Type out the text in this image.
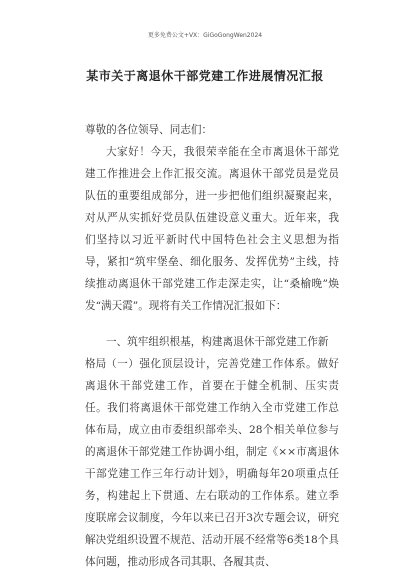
更多免费公文+VX：GiGoGongWen2024
某市关于离退休干部党建工作进展情况汇报

尊敬的各位领导、同志们：

大家好！今天，我很荣幸能在全市离退休干部党建工作推进会上作汇报交流。离退休干部党员是党员队伍的重要组成部分，进一步把他们组织凝聚起来，对从严从实抓好党员队伍建设意义重大。近年来，我们坚持以习近平新时代中国特色社会主义思想为指导，紧扣“筑牢堡垒、细化服务、发挥优势”主线，持续推动离退休干部党建工作走深走实，让“桑榆晚”焕发“满天霞”。现将有关工作情况汇报如下：

一、筑牢组织根基，构建离退休干部党建工作新格局 （一）强化顶层设计，完善党建工作体系。做好离退休干部党建工作，首要在于健全机制、压实责任。我们将离退休干部党建工作纳入全市党建工作总体布局，成立由市委组织部牵头、28个相关单位参与的离退休干部党建工作协调小组，制定《××市离退休干部党建工作三年行动计划》，明确每年20项重点任务，构建起上下贯通、左右联动的工作体系。建立季度联席会议制度，今年以来已召开3次专题会议，研究解决党组织设置不规范、活动开展不经常等6类18个具体问题，推动形成各司其职、各履其责、
